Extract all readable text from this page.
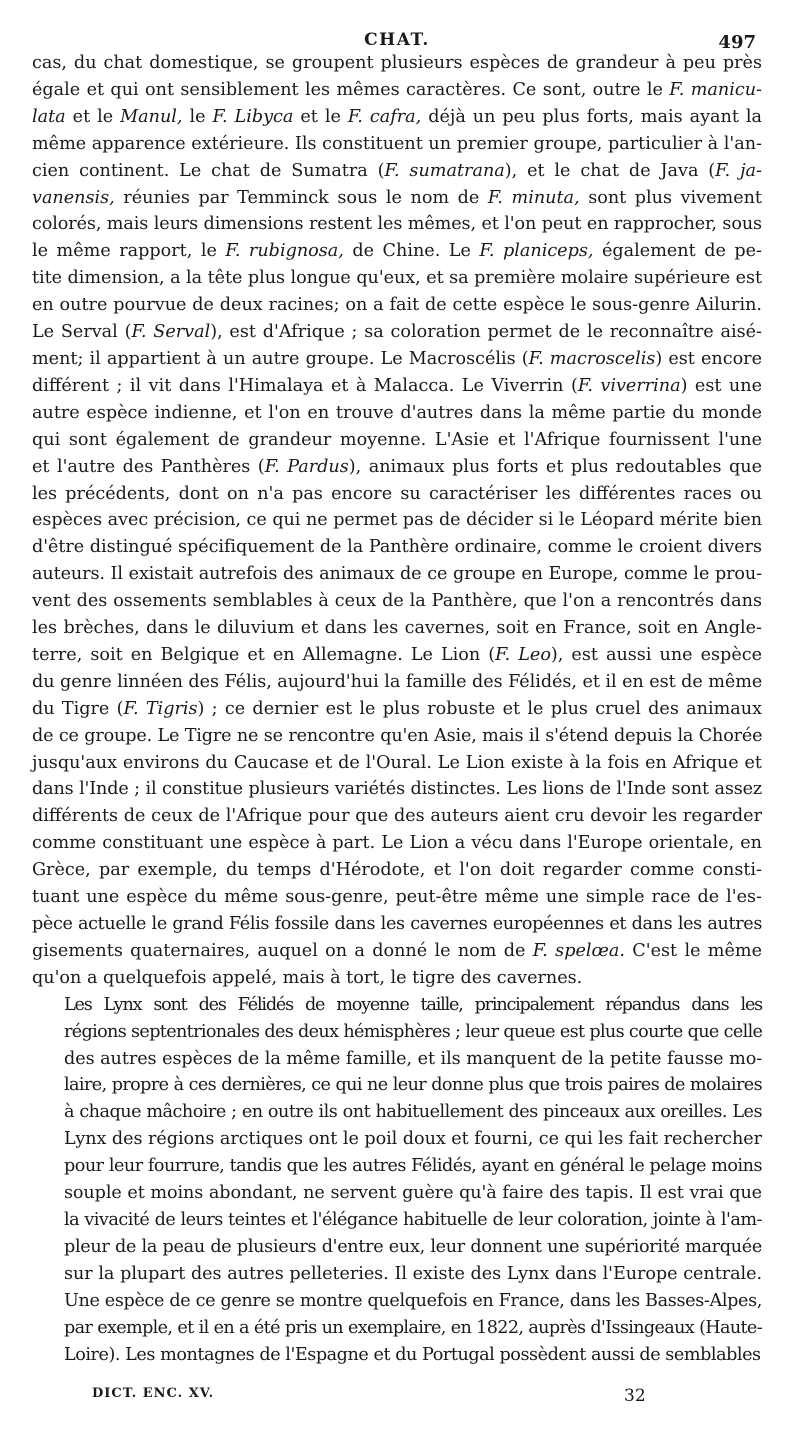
CHAT.	497

cas, du chat domestique, se groupent plusieurs espèces de grandeur à peu près
égale et qui ont sensiblement les mêmes caractères. Ce sont, outre le F. manicu-
lata et le Manul, le F. Libyca et le F. cafra, déjà un peu plus forts, mais ayant la
même apparence extérieure. Ils constituent un premier groupe, particulier à l'an-
cien continent. Le chat de Sumatra (F. sumatrana), et le chat de Java (F. ja-
vanensis, réunies par Temminck sous le nom de F. minuta, sont plus vivement
colorés, mais leurs dimensions restent les mêmes, et l'on peut en rapprocher, sous
le même rapport, le F. rubignosa, de Chine. Le F. planiceps, également de pe-
tite dimension, a la tête plus longue qu'eux, et sa première molaire supérieure est
en outre pourvue de deux racines; on a fait de cette espèce le sous-genre Ailurin.
Le Serval (F. Serval), est d'Afrique ; sa coloration permet de le reconnaître aisé-
ment; il appartient à un autre groupe. Le Macroscélis (F. macroscelis) est encore
différent ; il vit dans l'Himalaya et à Malacca. Le Viverrin (F. viverrina) est une
autre espèce indienne, et l'on en trouve d'autres dans la même partie du monde
qui sont également de grandeur moyenne. L'Asie et l'Afrique fournissent l'une
et l'autre des Panthères (F. Pardus), animaux plus forts et plus redoutables que
les précédents, dont on n'a pas encore su caractériser les différentes races ou
espèces avec précision, ce qui ne permet pas de décider si le Léopard mérite bien
d'être distingué spécifiquement de la Panthère ordinaire, comme le croient divers
auteurs. Il existait autrefois des animaux de ce groupe en Europe, comme le prou-
vent des ossements semblables à ceux de la Panthère, que l'on a rencontrés dans
les brèches, dans le diluvium et dans les cavernes, soit en France, soit en Angle-
terre, soit en Belgique et en Allemagne. Le Lion (F. Leo), est aussi une espèce
du genre linnéen des Félis, aujourd'hui la famille des Félidés, et il en est de même
du Tigre (F. Tigris) ; ce dernier est le plus robuste et le plus cruel des animaux
de ce groupe. Le Tigre ne se rencontre qu'en Asie, mais il s'étend depuis la Chorée
jusqu'aux environs du Caucase et de l'Oural. Le Lion existe à la fois en Afrique et
dans l'Inde ; il constitue plusieurs variétés distinctes. Les lions de l'Inde sont assez
différents de ceux de l'Afrique pour que des auteurs aient cru devoir les regarder
comme constituant une espèce à part. Le Lion a vécu dans l'Europe orientale, en
Grèce, par exemple, du temps d'Hérodote, et l'on doit regarder comme consti-
tuant une espèce du même sous-genre, peut-être même une simple race de l'es-
pèce actuelle le grand Félis fossile dans les cavernes européennes et dans les autres
gisements quaternaires, auquel on a donné le nom de F. spelœa. C'est le même
qu'on a quelquefois appelé, mais à tort, le tigre des cavernes.

Les Lynx sont des Félidés de moyenne taille, principalement répandus dans les
régions septentrionales des deux hémisphères ; leur queue est plus courte que celle
des autres espèces de la même famille, et ils manquent de la petite fausse mo-
laire, propre à ces dernières, ce qui ne leur donne plus que trois paires de molaires
à chaque mâchoire ; en outre ils ont habituellement des pinceaux aux oreilles. Les
Lynx des régions arctiques ont le poil doux et fourni, ce qui les fait rechercher
pour leur fourrure, tandis que les autres Félidés, ayant en général le pelage moins
souple et moins abondant, ne servent guère qu'à faire des tapis. Il est vrai que
la vivacité de leurs teintes et l'élégance habituelle de leur coloration, jointe à l'am-
pleur de la peau de plusieurs d'entre eux, leur donnent une supériorité marquée
sur la plupart des autres pelleteries. Il existe des Lynx dans l'Europe centrale.
Une espèce de ce genre se montre quelquefois en France, dans les Basses-Alpes,
par exemple, et il en a été pris un exemplaire, en 1822, auprès d'Issingeaux (Haute-
Loire). Les montagnes de l'Espagne et du Portugal possèdent aussi de semblables

DICT. ENC. XV.	32
